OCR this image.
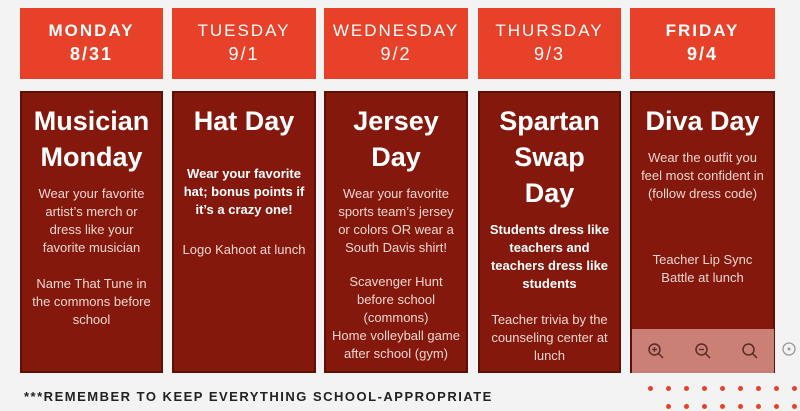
MONDAY
8/31
TUESDAY
9/1
WEDNESDAY
9/2
THURSDAY
9/3
FRIDAY
9/4
Musician
Monday
Wear your favorite artist’s merch or dress like your favorite musician
Name That Tune in the commons before school
Hat Day
Wear your favorite hat; bonus points if it’s a crazy one!
Logo Kahoot at lunch
Jersey Day
Wear your favorite sports team’s jersey or colors OR wear a South Davis shirt!
Scavenger Hunt before school (commons)
Home volleyball game after school (gym)
Spartan
Swap Day
Students dress like teachers and teachers dress like students
Teacher trivia by the counseling center at lunch
Diva Day
Wear the outfit you feel most confident in (follow dress code)
Teacher Lip Sync Battle at lunch
***REMEMBER TO KEEP EVERYTHING SCHOOL-APPROPRIATE
